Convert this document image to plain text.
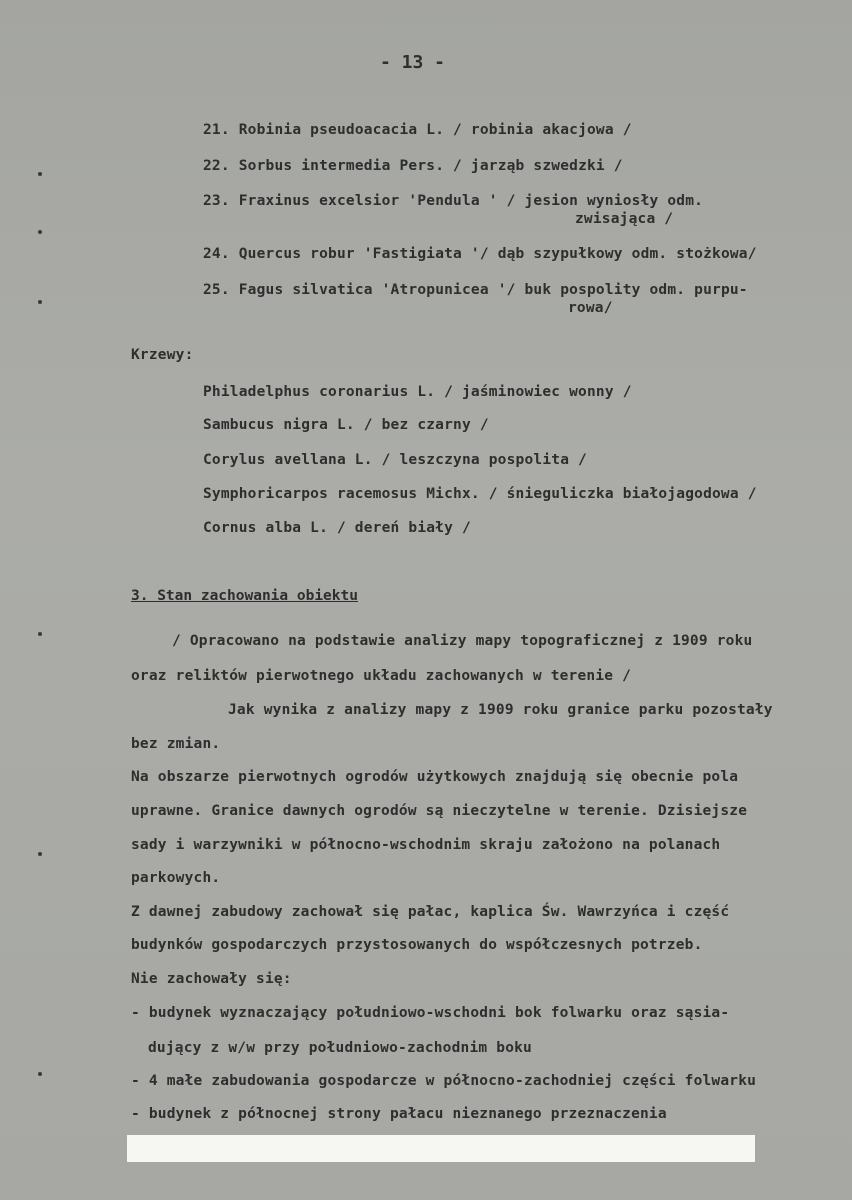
- 13 -
21. Robinia pseudoacacia L. / robinia akacjowa /
22. Sorbus intermedia Pers. / jarząb szwedzki /
23. Fraxinus excelsior 'Pendula ' / jesion wyniosły odm.
zwisająca /
24. Quercus robur 'Fastigiata '/ dąb szypułkowy odm. stożkowa/
25. Fagus silvatica 'Atropunicea '/ buk pospolity odm. purpu-
rowa/
Krzewy:
Philadelphus coronarius L. / jaśminowiec wonny /
Sambucus nigra L. / bez czarny /
Corylus avellana L. / leszczyna pospolita /
Symphoricarpos racemosus Michx. / śnieguliczka białojagodowa /
Cornus alba L. / dereń biały /
3. Stan zachowania obiektu
/ Opracowano na podstawie analizy mapy topograficznej z 1909 roku
oraz reliktów pierwotnego układu zachowanych w terenie /
Jak wynika z analizy mapy z 1909 roku granice parku pozostały
bez zmian.
Na obszarze pierwotnych ogrodów użytkowych znajdują się obecnie pola
uprawne. Granice dawnych ogrodów są nieczytelne w terenie. Dzisiejsze
sady i warzywniki w północno-wschodnim skraju założono na polanach
parkowych.
Z dawnej zabudowy zachował się pałac, kaplica Św. Wawrzyńca i część
budynków gospodarczych przystosowanych do współczesnych potrzeb.
Nie zachowały się:
- budynek wyznaczający południowo-wschodni bok folwarku oraz sąsia-
dujący z w/w przy południowo-zachodnim boku
- 4 małe zabudowania gospodarcze w północno-zachodniej części folwarku
- budynek z północnej strony pałacu nieznanego przeznaczenia
